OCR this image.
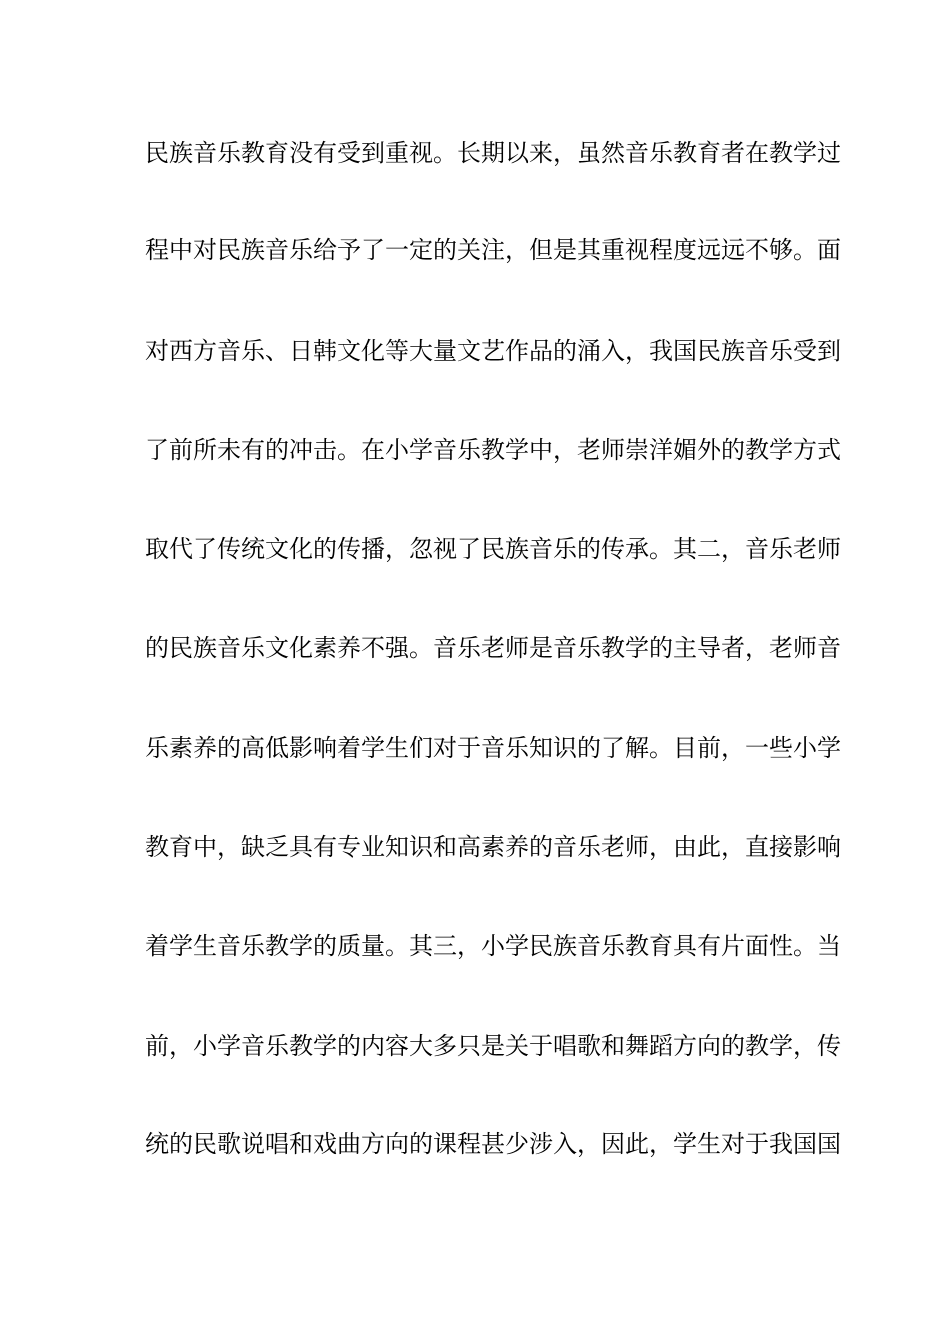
民族音乐教育没有受到重视。长期以来，虽然音乐教育者在教学过
程中对民族音乐给予了一定的关注，但是其重视程度远远不够。面
对西方音乐、日韩文化等大量文艺作品的涌入，我国民族音乐受到
了前所未有的冲击。在小学音乐教学中，老师崇洋媚外的教学方式
取代了传统文化的传播，忽视了民族音乐的传承。其二，音乐老师
的民族音乐文化素养不强。音乐老师是音乐教学的主导者，老师音
乐素养的高低影响着学生们对于音乐知识的了解。目前，一些小学
教育中，缺乏具有专业知识和高素养的音乐老师，由此，直接影响
着学生音乐教学的质量。其三，小学民族音乐教育具有片面性。当
前，小学音乐教学的内容大多只是关于唱歌和舞蹈方向的教学，传
统的民歌说唱和戏曲方向的课程甚少涉入，因此，学生对于我国国
